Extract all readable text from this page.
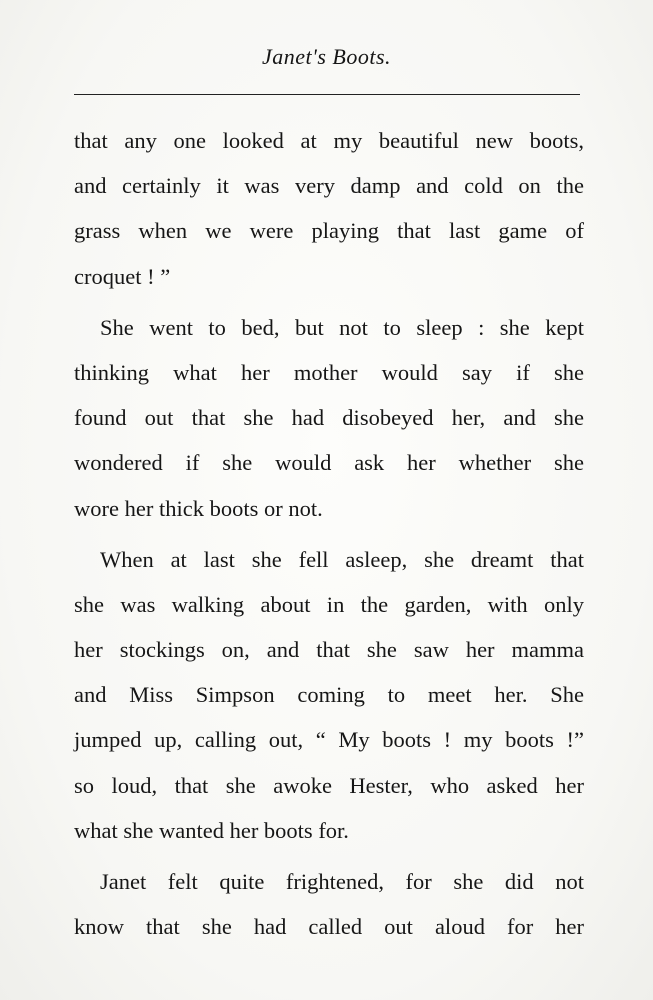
Janet's Boots.
that any one looked at my beautiful new boots,
and certainly it was very damp and cold on the
grass when we were playing that last game of
croquet ! ”
She went to bed, but not to sleep : she kept
thinking what her mother would say if she
found out that she had disobeyed her, and she
wondered if she would ask her whether she
wore her thick boots or not.
When at last she fell asleep, she dreamt that
she was walking about in the garden, with only
her stockings on, and that she saw her mamma
and Miss Simpson coming to meet her. She
jumped up, calling out, “ My boots ! my boots !”
so loud, that she awoke Hester, who asked her
what she wanted her boots for.
Janet felt quite frightened, for she did not
know that she had called out aloud for her
